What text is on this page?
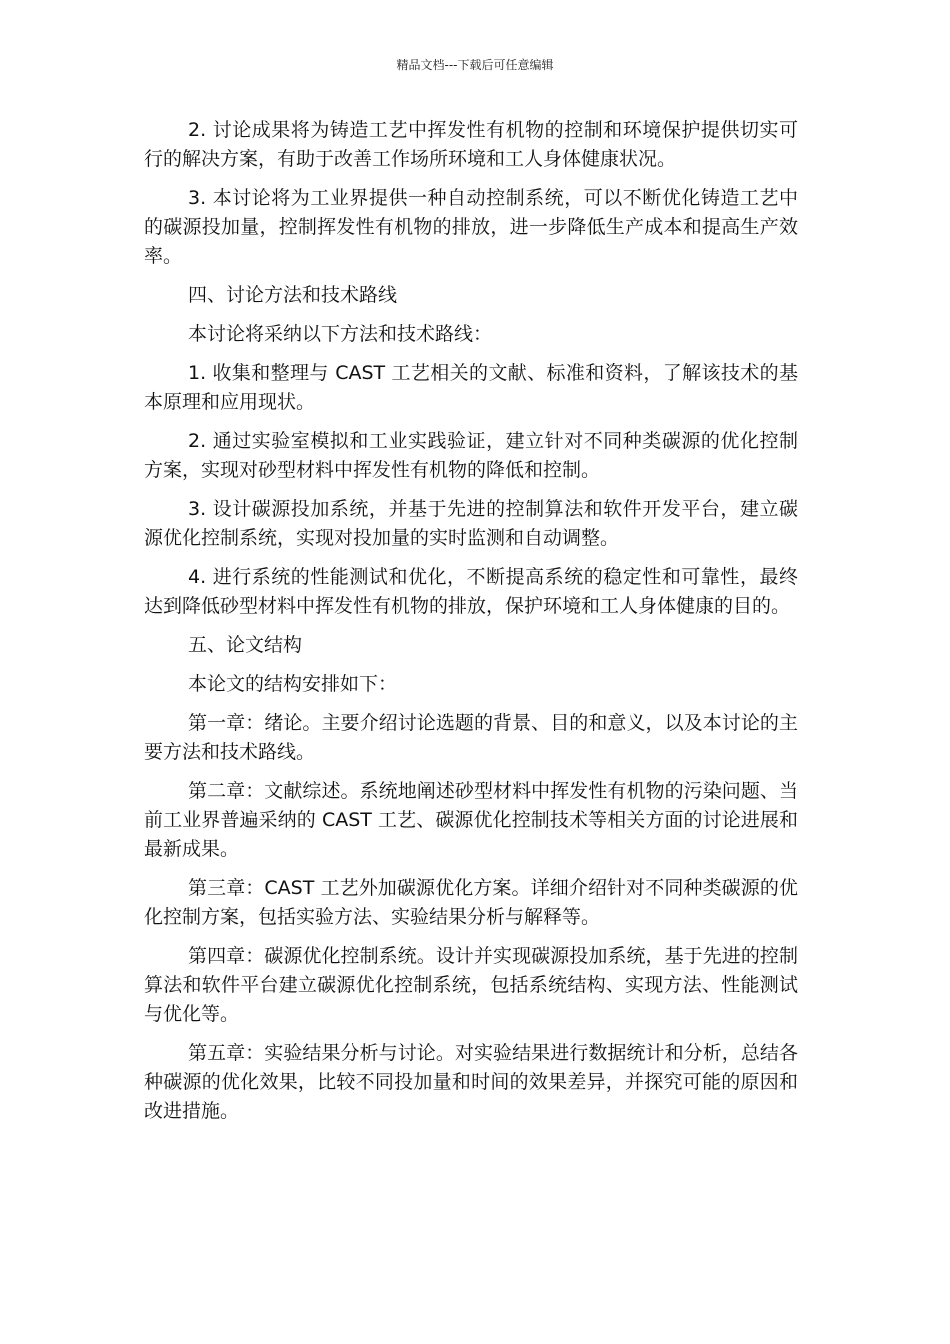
精品文档---下载后可任意编辑

2. 讨论成果将为铸造工艺中挥发性有机物的控制和环境保护提供切实可行的解决方案，有助于改善工作场所环境和工人身体健康状况。

3. 本讨论将为工业界提供一种自动控制系统，可以不断优化铸造工艺中的碳源投加量，控制挥发性有机物的排放，进一步降低生产成本和提高生产效率。

四、讨论方法和技术路线

本讨论将采纳以下方法和技术路线：

1. 收集和整理与 CAST 工艺相关的文献、标准和资料，了解该技术的基本原理和应用现状。

2. 通过实验室模拟和工业实践验证，建立针对不同种类碳源的优化控制方案，实现对砂型材料中挥发性有机物的降低和控制。

3. 设计碳源投加系统，并基于先进的控制算法和软件开发平台，建立碳源优化控制系统，实现对投加量的实时监测和自动调整。

4. 进行系统的性能测试和优化，不断提高系统的稳定性和可靠性，最终达到降低砂型材料中挥发性有机物的排放，保护环境和工人身体健康的目的。

五、论文结构

本论文的结构安排如下：

第一章：绪论。主要介绍讨论选题的背景、目的和意义，以及本讨论的主要方法和技术路线。

第二章：文献综述。系统地阐述砂型材料中挥发性有机物的污染问题、当前工业界普遍采纳的 CAST 工艺、碳源优化控制技术等相关方面的讨论进展和最新成果。

第三章：CAST 工艺外加碳源优化方案。详细介绍针对不同种类碳源的优化控制方案，包括实验方法、实验结果分析与解释等。

第四章：碳源优化控制系统。设计并实现碳源投加系统，基于先进的控制算法和软件平台建立碳源优化控制系统，包括系统结构、实现方法、性能测试与优化等。

第五章：实验结果分析与讨论。对实验结果进行数据统计和分析，总结各种碳源的优化效果，比较不同投加量和时间的效果差异，并探究可能的原因和改进措施。
